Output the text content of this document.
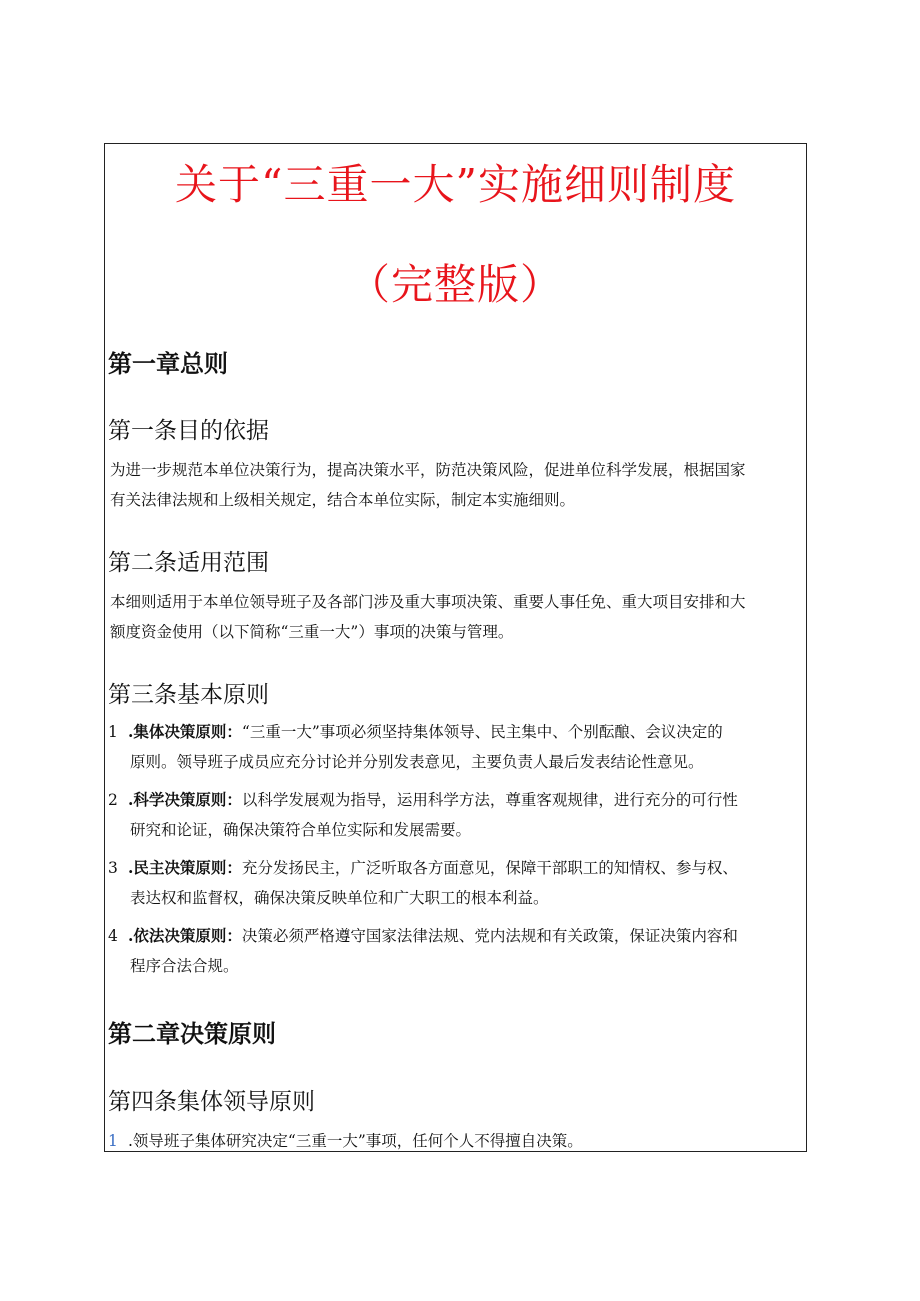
关于“三重一大”实施细则制度
（完整版）
第一章总则
第一条目的依据
为进一步规范本单位决策行为，提高决策水平，防范决策风险，促进单位科学发展，根据国家
有关法律法规和上级相关规定，结合本单位实际，制定本实施细则。
第二条适用范围
本细则适用于本单位领导班子及各部门涉及重大事项决策、重要人事任免、重大项目安排和大
额度资金使用（以下简称“三重一大”）事项的决策与管理。
第三条基本原则
1 .集体决策原则：“三重一大”事项必须坚持集体领导、民主集中、个别酝酿、会议决定的
原则。领导班子成员应充分讨论并分别发表意见，主要负责人最后发表结论性意见。
2 .科学决策原则：以科学发展观为指导，运用科学方法，尊重客观规律，进行充分的可行性
研究和论证，确保决策符合单位实际和发展需要。
3 .民主决策原则：充分发扬民主，广泛听取各方面意见，保障干部职工的知情权、参与权、
表达权和监督权，确保决策反映单位和广大职工的根本利益。
4 .依法决策原则：决策必须严格遵守国家法律法规、党内法规和有关政策，保证决策内容和
程序合法合规。
第二章决策原则
第四条集体领导原则
1 .领导班子集体研究决定“三重一大”事项，任何个人不得擅自决策。
